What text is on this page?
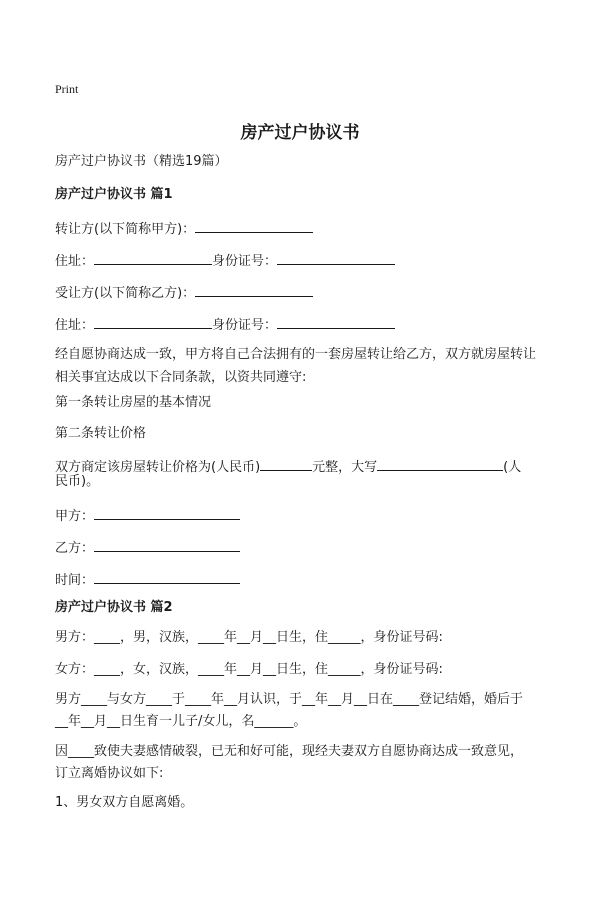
Print
房产过户协议书
房产过户协议书（精选19篇）
房产过户协议书 篇1
转让方(以下简称甲方)：
住址：	身份证号：
受让方(以下简称乙方)：
住址：	身份证号：
经自愿协商达成一致，甲方将自己合法拥有的一套房屋转让给乙方，双方就房屋转让相关事宜达成以下合同条款，以资共同遵守:
第一条转让房屋的基本情况
第二条转让价格
双方商定该房屋转让价格为(人民币)	元整，大写	(人
民币)。
甲方：
乙方：
时间：
房产过户协议书 篇2
男方：____，男，汉族，____年__月__日生，住_____，身份证号码:
女方：____，女，汉族，____年__月__日生，住_____，身份证号码:
男方____与女方____于____年__月认识，于__年__月__日在____登记结婚，婚后于
__年__月__日生育一儿子/女儿，名______。
因____致使夫妻感情破裂，已无和好可能，现经夫妻双方自愿协商达成一致意见，
订立离婚协议如下:
1、男女双方自愿离婚。
